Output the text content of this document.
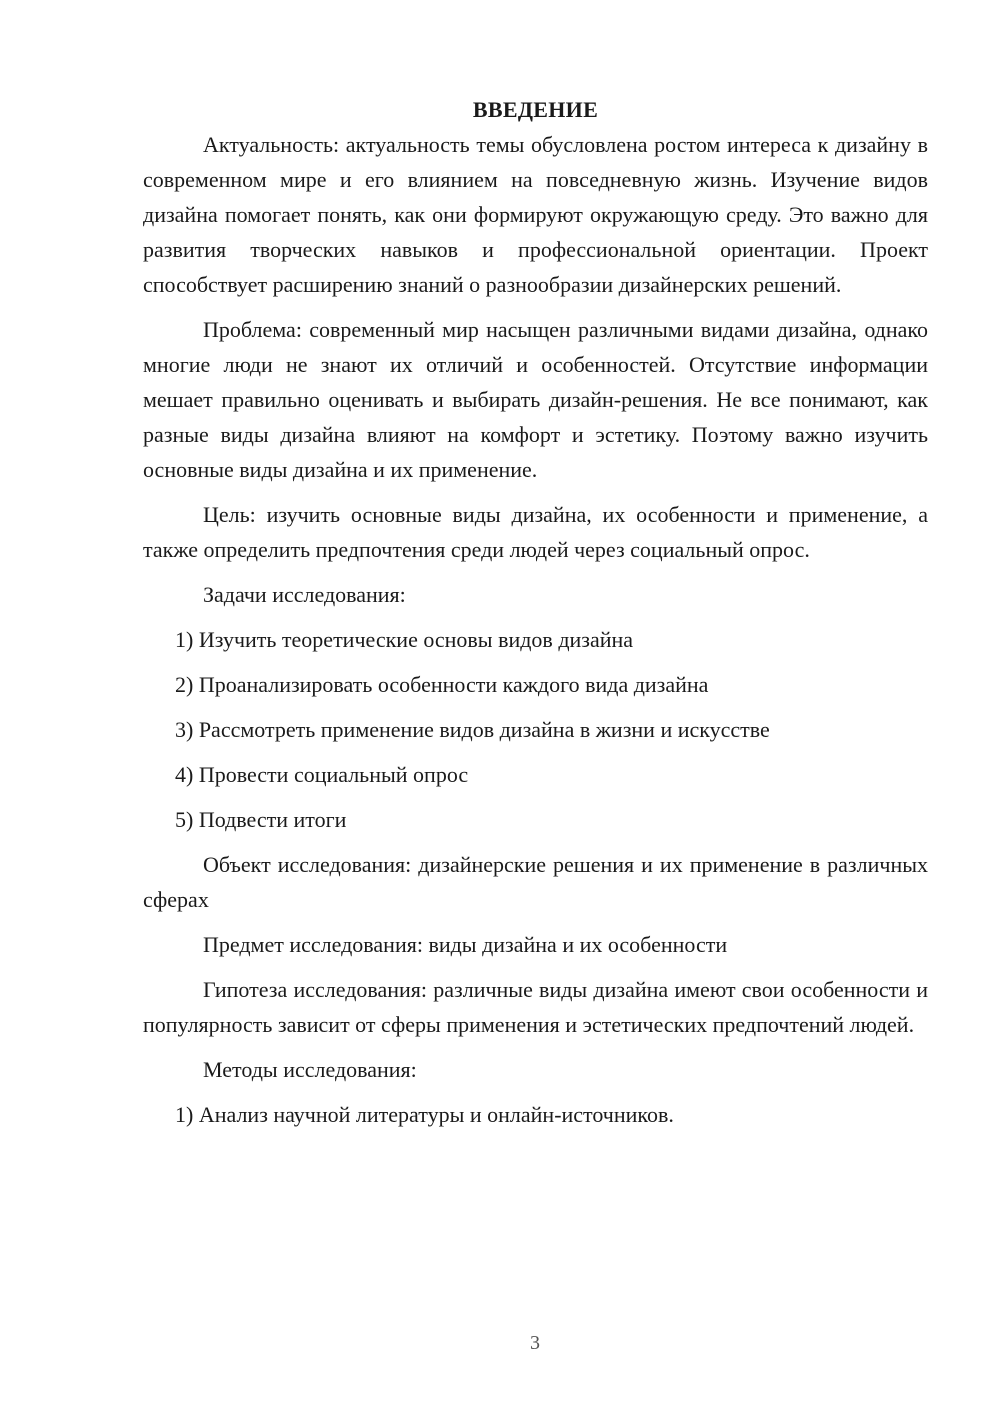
ВВЕДЕНИЕ

Актуальность: актуальность темы обусловлена ростом интереса к дизайну в современном мире и его влиянием на повседневную жизнь. Изучение видов дизайна помогает понять, как они формируют окружающую среду. Это важно для развития творческих навыков и профессиональной ориентации. Проект способствует расширению знаний о разнообразии дизайнерских решений.

Проблема: современный мир насыщен различными видами дизайна, однако многие люди не знают их отличий и особенностей. Отсутствие информации мешает правильно оценивать и выбирать дизайн-решения. Не все понимают, как разные виды дизайна влияют на комфорт и эстетику. Поэтому важно изучить основные виды дизайна и их применение.

Цель: изучить основные виды дизайна, их особенности и применение, а также определить предпочтения среди людей через социальный опрос.

Задачи исследования:

1) Изучить теоретические основы видов дизайна

2) Проанализировать особенности каждого вида дизайна

3) Рассмотреть применение видов дизайна в жизни и искусстве

4) Провести социальный опрос

5) Подвести итоги

Объект исследования: дизайнерские решения и их применение в различных сферах

Предмет исследования: виды дизайна и их особенности

Гипотеза исследования: различные виды дизайна имеют свои особенности и популярность зависит от сферы применения и эстетических предпочтений людей.

Методы исследования:

1) Анализ научной литературы и онлайн-источников.

3
